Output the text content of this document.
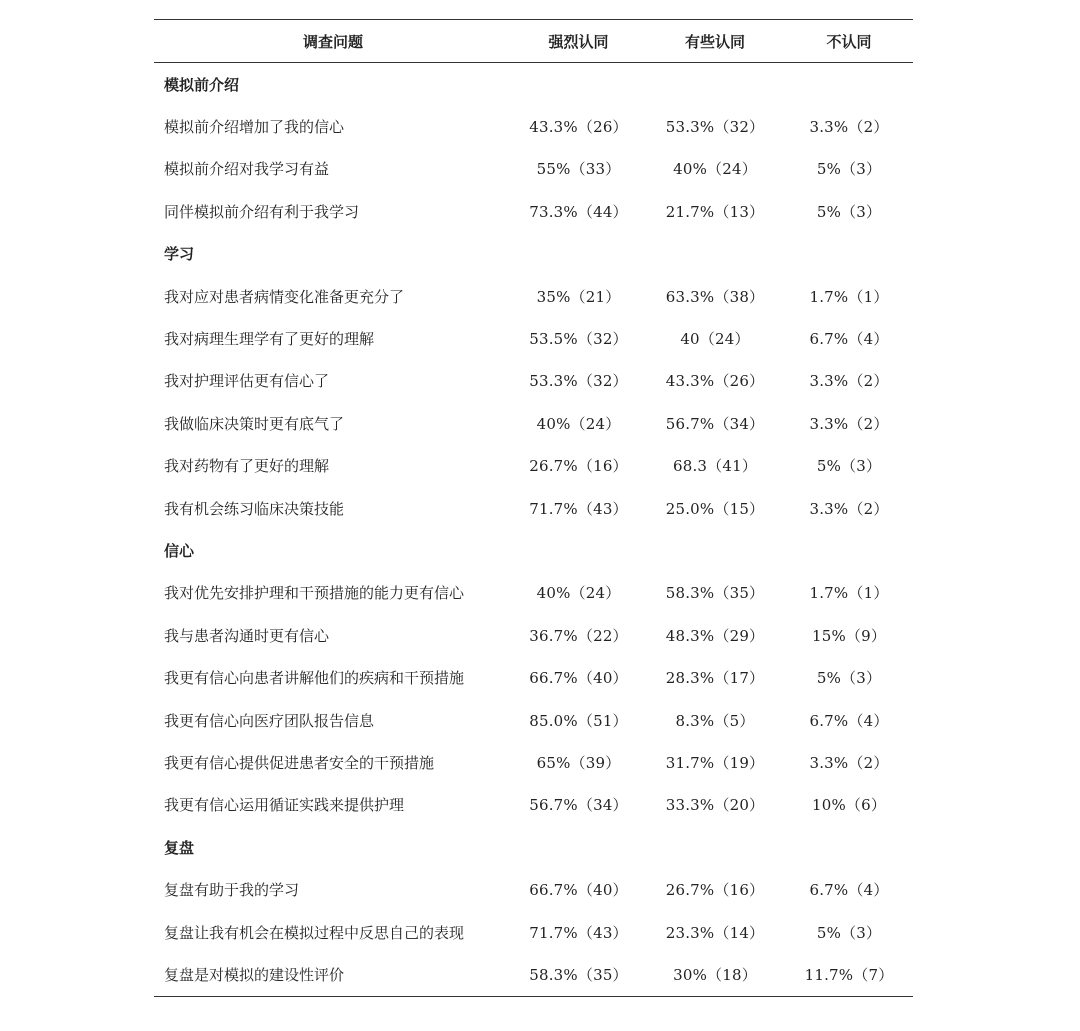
调查问题	强烈认同	有些认同	不认同
模拟前介绍			
模拟前介绍增加了我的信心	43.3%（26）	53.3%（32）	3.3%（2）
模拟前介绍对我学习有益	55%（33）	40%（24）	5%（3）
同伴模拟前介绍有利于我学习	73.3%（44）	21.7%（13）	5%（3）
学习			
我对应对患者病情变化准备更充分了	35%（21）	63.3%（38）	1.7%（1）
我对病理生理学有了更好的理解	53.5%（32）	40（24）	6.7%（4）
我对护理评估更有信心了	53.3%（32）	43.3%（26）	3.3%（2）
我做临床决策时更有底气了	40%（24）	56.7%（34）	3.3%（2）
我对药物有了更好的理解	26.7%（16）	68.3（41）	5%（3）
我有机会练习临床决策技能	71.7%（43）	25.0%（15）	3.3%（2）
信心			
我对优先安排护理和干预措施的能力更有信心	40%（24）	58.3%（35）	1.7%（1）
我与患者沟通时更有信心	36.7%（22）	48.3%（29）	15%（9）
我更有信心向患者讲解他们的疾病和干预措施	66.7%（40）	28.3%（17）	5%（3）
我更有信心向医疗团队报告信息	85.0%（51）	8.3%（5）	6.7%（4）
我更有信心提供促进患者安全的干预措施	65%（39）	31.7%（19）	3.3%（2）
我更有信心运用循证实践来提供护理	56.7%（34）	33.3%（20）	10%（6）
复盘			
复盘有助于我的学习	66.7%（40）	26.7%（16）	6.7%（4）
复盘让我有机会在模拟过程中反思自己的表现	71.7%（43）	23.3%（14）	5%（3）
复盘是对模拟的建设性评价	58.3%（35）	30%（18）	11.7%（7）
